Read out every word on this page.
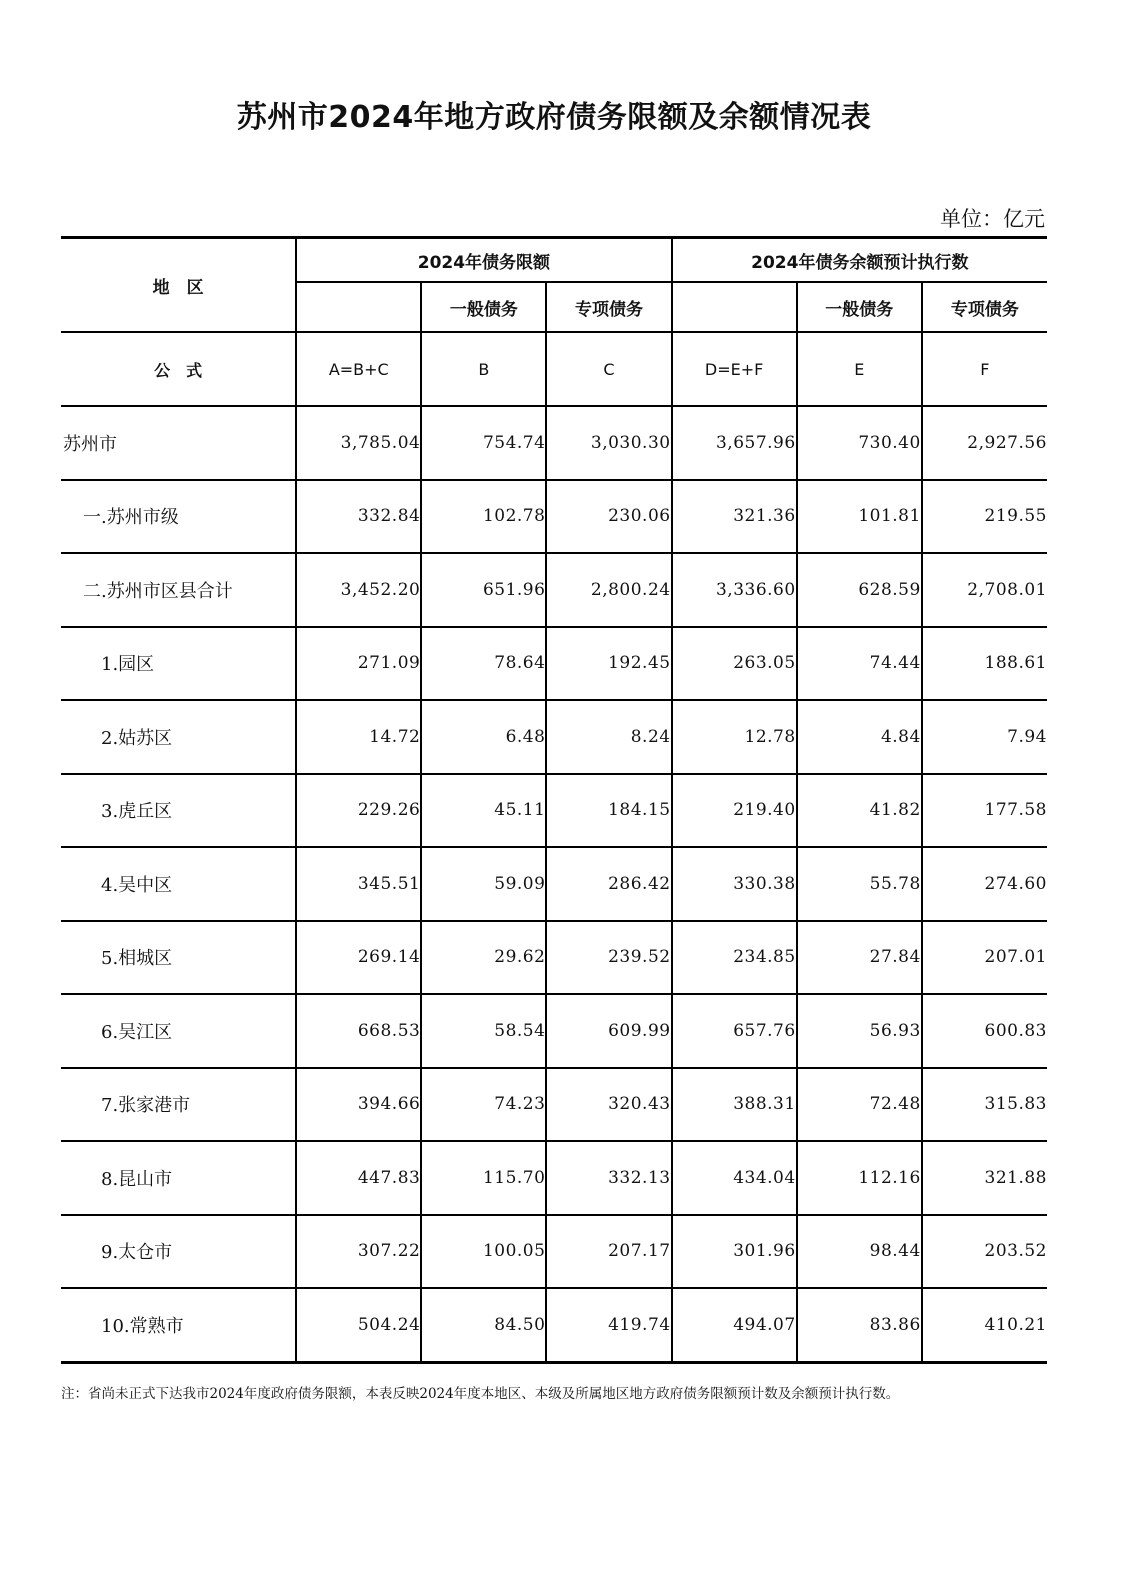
苏州市2024年地方政府债务限额及余额情况表
单位：亿元
地　区	2024年债务限额			2024年债务余额预计执行数		
		一般债务	专项债务		一般债务	专项债务
公　式	A=B+C	B	C	D=E+F	E	F
苏州市	3,785.04	754.74	3,030.30	3,657.96	730.40	2,927.56
一.苏州市级	332.84	102.78	230.06	321.36	101.81	219.55
二.苏州市区县合计	3,452.20	651.96	2,800.24	3,336.60	628.59	2,708.01
1.园区	271.09	78.64	192.45	263.05	74.44	188.61
2.姑苏区	14.72	6.48	8.24	12.78	4.84	7.94
3.虎丘区	229.26	45.11	184.15	219.40	41.82	177.58
4.吴中区	345.51	59.09	286.42	330.38	55.78	274.60
5.相城区	269.14	29.62	239.52	234.85	27.84	207.01
6.吴江区	668.53	58.54	609.99	657.76	56.93	600.83
7.张家港市	394.66	74.23	320.43	388.31	72.48	315.83
8.昆山市	447.83	115.70	332.13	434.04	112.16	321.88
9.太仓市	307.22	100.05	207.17	301.96	98.44	203.52
10.常熟市	504.24	84.50	419.74	494.07	83.86	410.21
注：省尚未正式下达我市2024年度政府债务限额，本表反映2024年度本地区、本级及所属地区地方政府债务限额预计数及余额预计执行数。
